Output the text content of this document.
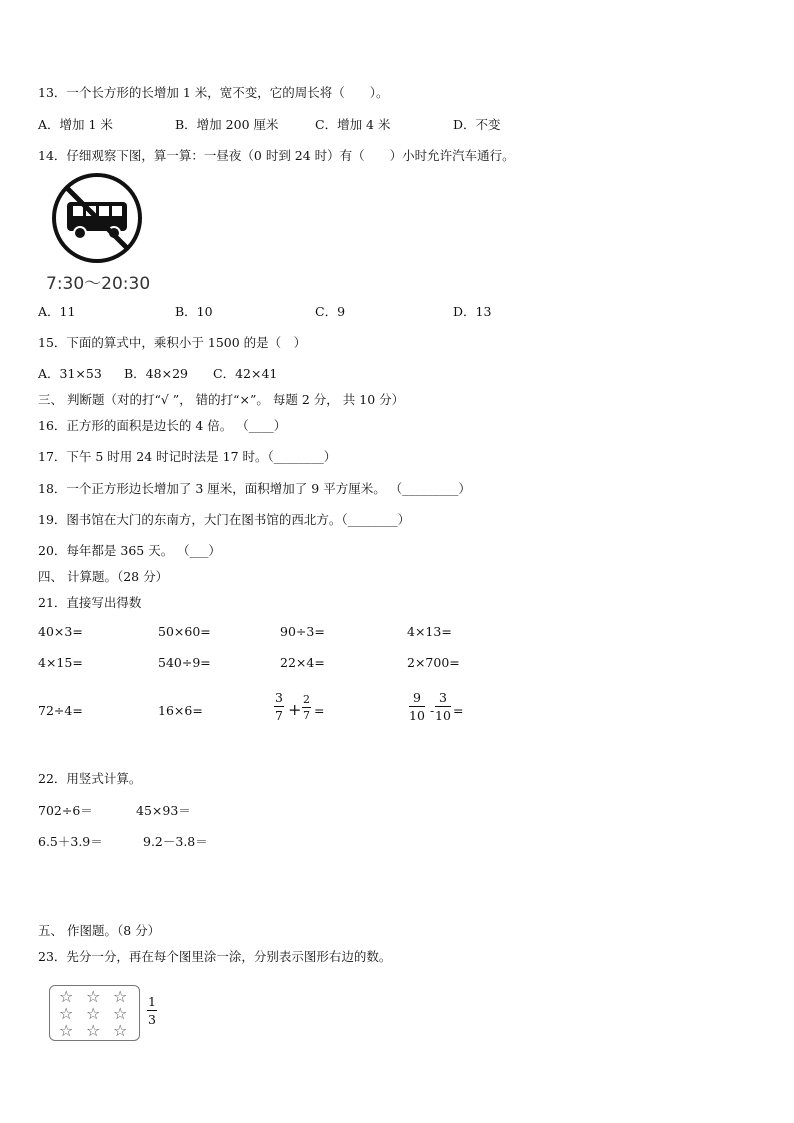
13．一个长方形的长增加 1 米，宽不变，它的周长将（　　）。
A．增加 1 米	B．增加 200 厘米	C．增加 4 米	D．不变
14．仔细观察下图，算一算：一昼夜（0 时到 24 时）有（　　）小时允许汽车通行。
7:30～20:30
A．11	B．10	C．9	D．13
15．下面的算式中，乘积小于 1500 的是（　）
A．31×53 B．48×29 C．42×41
三、 判断题（对的打“√ ”， 错的打“×”。 每题 2 分， 共 10 分）
16．正方形的面积是边长的 4 倍。 （____）
17．下午 5 时用 24 时记时法是 17 时。（________）
18．一个正方形边长增加了 3 厘米，面积增加了 9 平方厘米。 （_________）
19．图书馆在大门的东南方，大门在图书馆的西北方。（________）
20．每年都是 365 天。 （___）
四、 计算题。（28 分）
21．直接写出得数
40×3=	50×60=	90÷3=	4×13=
4×15=	540÷9=	22×4=	2×700=
72÷4=	16×6=	$\frac{3}{7} + \frac{2}{7}$ =	$\frac{9}{10} - \frac{3}{10}$ =
22．用竖式计算。
702÷6＝	45×93＝
6.5＋3.9＝	9.2－3.8＝
五、 作图题。（8 分）
23．先分一分，再在每个图里涂一涂，分别表示图形右边的数。
☆ ☆ ☆
☆ ☆ ☆
☆ ☆ ☆
$\frac{1}{3}$
